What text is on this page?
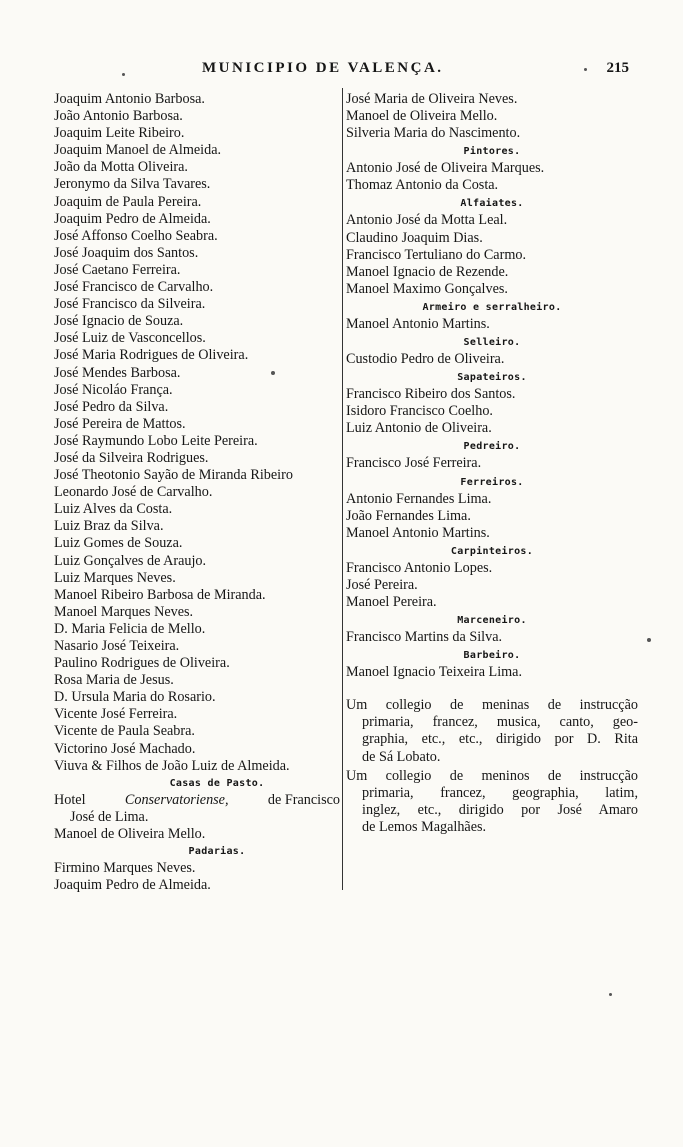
MUNICIPIO DE VALENÇA.	215
Joaquim Antonio Barbosa.
João Antonio Barbosa.
Joaquim Leite Ribeiro.
Joaquim Manoel de Almeida.
João da Motta Oliveira.
Jeronymo da Silva Tavares.
Joaquim de Paula Pereira.
Joaquim Pedro de Almeida.
José Affonso Coelho Seabra.
José Joaquim dos Santos.
José Caetano Ferreira.
José Francisco de Carvalho.
José Francisco da Silveira.
José Ignacio de Souza.
José Luiz de Vasconcellos.
José Maria Rodrigues de Oliveira.
José Mendes Barbosa.
José Nicoláo França.
José Pedro da Silva.
José Pereira de Mattos.
José Raymundo Lobo Leite Pereira.
José da Silveira Rodrigues.
José Theotonio Sayão de Miranda Ribeiro
Leonardo José de Carvalho.
Luiz Alves da Costa.
Luiz Braz da Silva.
Luiz Gomes de Souza.
Luiz Gonçalves de Araujo.
Luiz Marques Neves.
Manoel Ribeiro Barbosa de Miranda.
Manoel Marques Neves.
D. Maria Felicia de Mello.
Nasario José Teixeira.
Paulino Rodrigues de Oliveira.
Rosa Maria de Jesus.
D. Ursula Maria do Rosario.
Vicente José Ferreira.
Vicente de Paula Seabra.
Victorino José Machado.
Viuva & Filhos de João Luiz de Almeida.
Casas de Pasto.
Hotel	Conservatoriense,	de Francisco
José de Lima.
Manoel de Oliveira Mello.
Padarias.
Firmino Marques Neves.
Joaquim Pedro de Almeida.
José Maria de Oliveira Neves.
Manoel de Oliveira Mello.
Silveria Maria do Nascimento.
Pintores.
Antonio José de Oliveira Marques.
Thomaz Antonio da Costa.
Alfaiates.
Antonio José da Motta Leal.
Claudino Joaquim Dias.
Francisco Tertuliano do Carmo.
Manoel Ignacio de Rezende.
Manoel Maximo Gonçalves.
Armeiro e serralheiro.
Manoel Antonio Martins.
Selleiro.
Custodio Pedro de Oliveira.
Sapateiros.
Francisco Ribeiro dos Santos.
Isidoro Francisco Coelho.
Luiz Antonio de Oliveira.
Pedreiro.
Francisco José Ferreira.
Ferreiros.
Antonio Fernandes Lima.
João Fernandes Lima.
Manoel Antonio Martins.
Carpinteiros.
Francisco Antonio Lopes.
José Pereira.
Manoel Pereira.
Marceneiro.
Francisco Martins da Silva.
Barbeiro.
Manoel Ignacio Teixeira Lima.
Um collegio de meninas de instrucção
primaria, francez, musica, canto, geo-
graphia, etc., etc., dirigido por D. Rita
de Sá Lobato.
Um collegio de meninos de instrucção
primaria, francez, geographia, latim,
inglez, etc., dirigido por José Amaro
de Lemos Magalhães.
